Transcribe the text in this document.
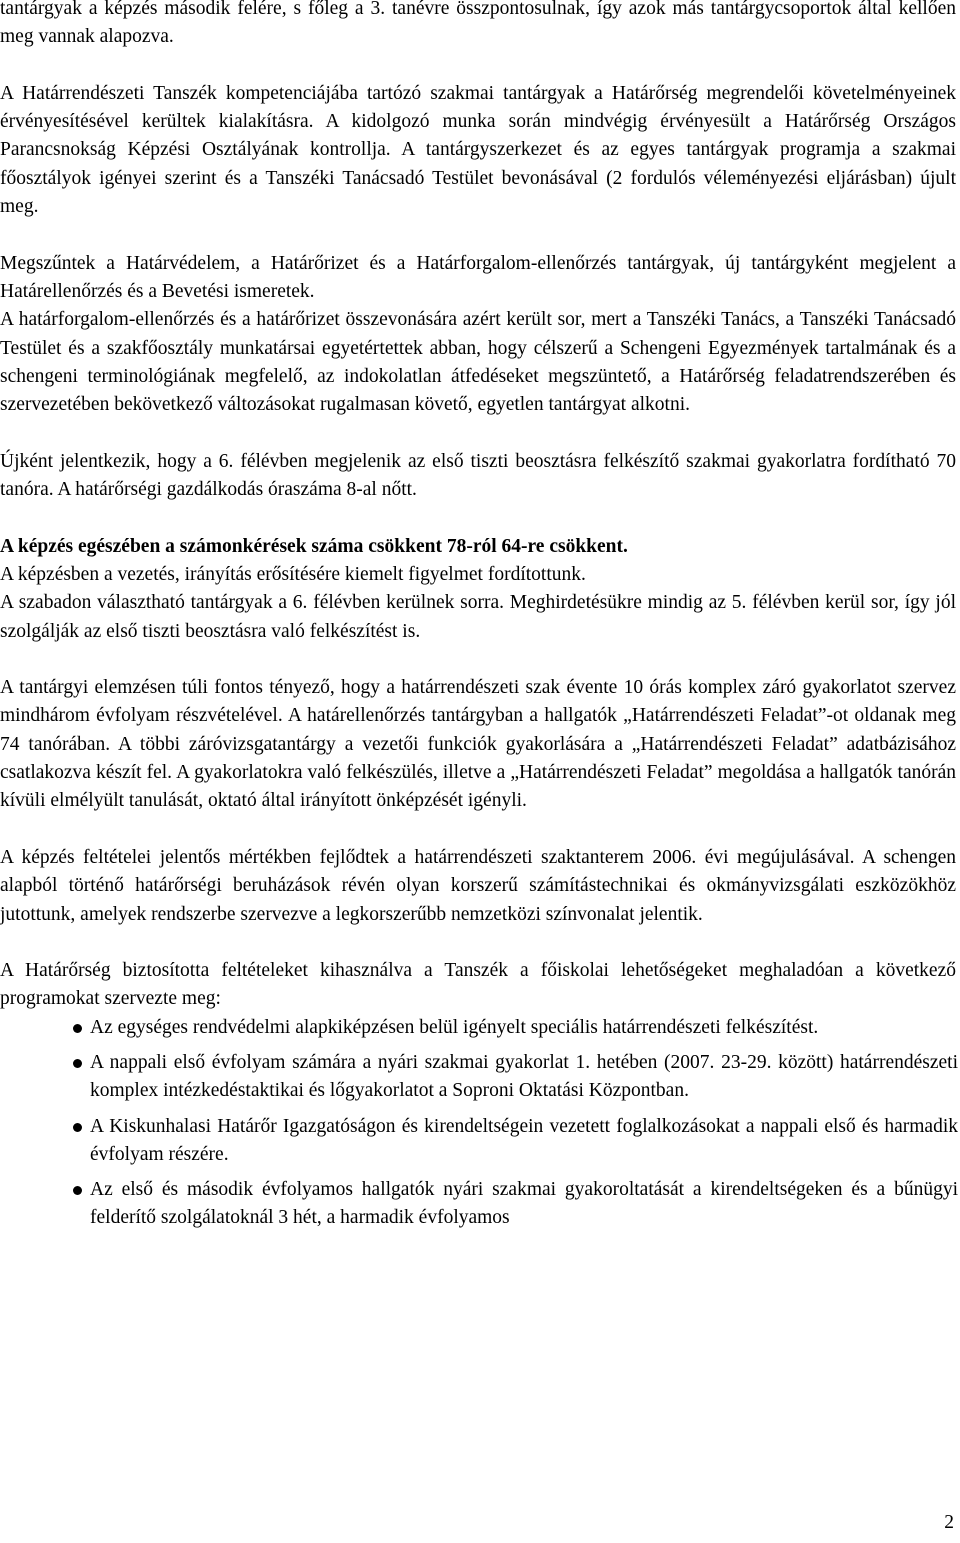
tantárgyak a képzés második felére, s főleg a 3. tanévre összpontosulnak, így azok más tantárgycsoportok által kellően meg vannak alapozva.

A Határrendészeti Tanszék kompetenciájába tartózó szakmai tantárgyak a Határőrség megrendelői követelményeinek érvényesítésével kerültek kialakításra. A kidolgozó munka során mindvégig érvényesült a Határőrség Országos Parancsnokság Képzési Osztályának kontrollja. A tantárgyszerkezet és az egyes tantárgyak programja a szakmai főosztályok igényei szerint és a Tanszéki Tanácsadó Testület bevonásával (2 fordulós véleményezési eljárásban) újult meg.

Megszűntek a Határvédelem, a Határőrizet és a Határforgalom-ellenőrzés tantárgyak, új tantárgyként megjelent a Határellenőrzés és a Bevetési ismeretek.

A határforgalom-ellenőrzés és a határőrizet összevonására azért került sor, mert a Tanszéki Tanács, a Tanszéki Tanácsadó Testület és a szakfőosztály munkatársai egyetértettek abban, hogy célszerű a Schengeni Egyezmények tartalmának és a schengeni terminológiának megfelelő, az indokolatlan átfedéseket megszüntető, a Határőrség feladatrendszerében és szervezetében bekövetkező változásokat rugalmasan követő, egyetlen tantárgyat alkotni.

Újként jelentkezik, hogy a 6. félévben megjelenik az első tiszti beosztásra felkészítő szakmai gyakorlatra fordítható 70 tanóra. A határőrségi gazdálkodás óraszáma 8-al nőtt.

A képzés egészében a számonkérések száma csökkent 78-ról 64-re csökkent.

A képzésben a vezetés, irányítás erősítésére kiemelt figyelmet fordítottunk.

A szabadon választható tantárgyak a 6. félévben kerülnek sorra. Meghirdetésükre mindig az 5. félévben kerül sor, így jól szolgálják az első tiszti beosztásra való felkészítést is.

A tantárgyi elemzésen túli fontos tényező, hogy a határrendészeti szak évente 10 órás komplex záró gyakorlatot szervez mindhárom évfolyam részvételével. A határellenőrzés tantárgyban a hallgatók „Határrendészeti Feladat”-ot oldanak meg 74 tanórában. A többi záróvizsgatantárgy a vezetői funkciók gyakorlására a „Határrendészeti Feladat” adatbázisához csatlakozva készít fel. A gyakorlatokra való felkészülés, illetve a „Határrendészeti Feladat” megoldása a hallgatók tanórán kívüli elmélyült tanulását, oktató által irányított önképzését igényli.

A képzés feltételei jelentős mértékben fejlődtek a határrendészeti szaktanterem 2006. évi megújulásával. A schengen alapból történő határőrségi beruházások révén olyan korszerű számítástechnikai és okmányvizsgálati eszközökhöz jutottunk, amelyek rendszerbe szervezve a legkorszerűbb nemzetközi színvonalat jelentik.

A Határőrség biztosította feltételeket kihasználva a Tanszék a főiskolai lehetőségeket meghaladóan a következő programokat szervezte meg:

Az egységes rendvédelmi alapkiképzésen belül igényelt speciális határrendészeti felkészítést.
A nappali első évfolyam számára a nyári szakmai gyakorlat 1. hetében (2007. 23-29. között) határrendészeti komplex intézkedéstaktikai és lőgyakorlatot a Soproni Oktatási Központban.
A Kiskunhalasi Határőr Igazgatóságon és kirendeltségein vezetett foglalkozásokat a nappali első és harmadik évfolyam részére.
Az első és második évfolyamos hallgatók nyári szakmai gyakoroltatását a kirendeltségeken és a bűnügyi felderítő szolgálatoknál 3 hét, a harmadik évfolyamos
2
